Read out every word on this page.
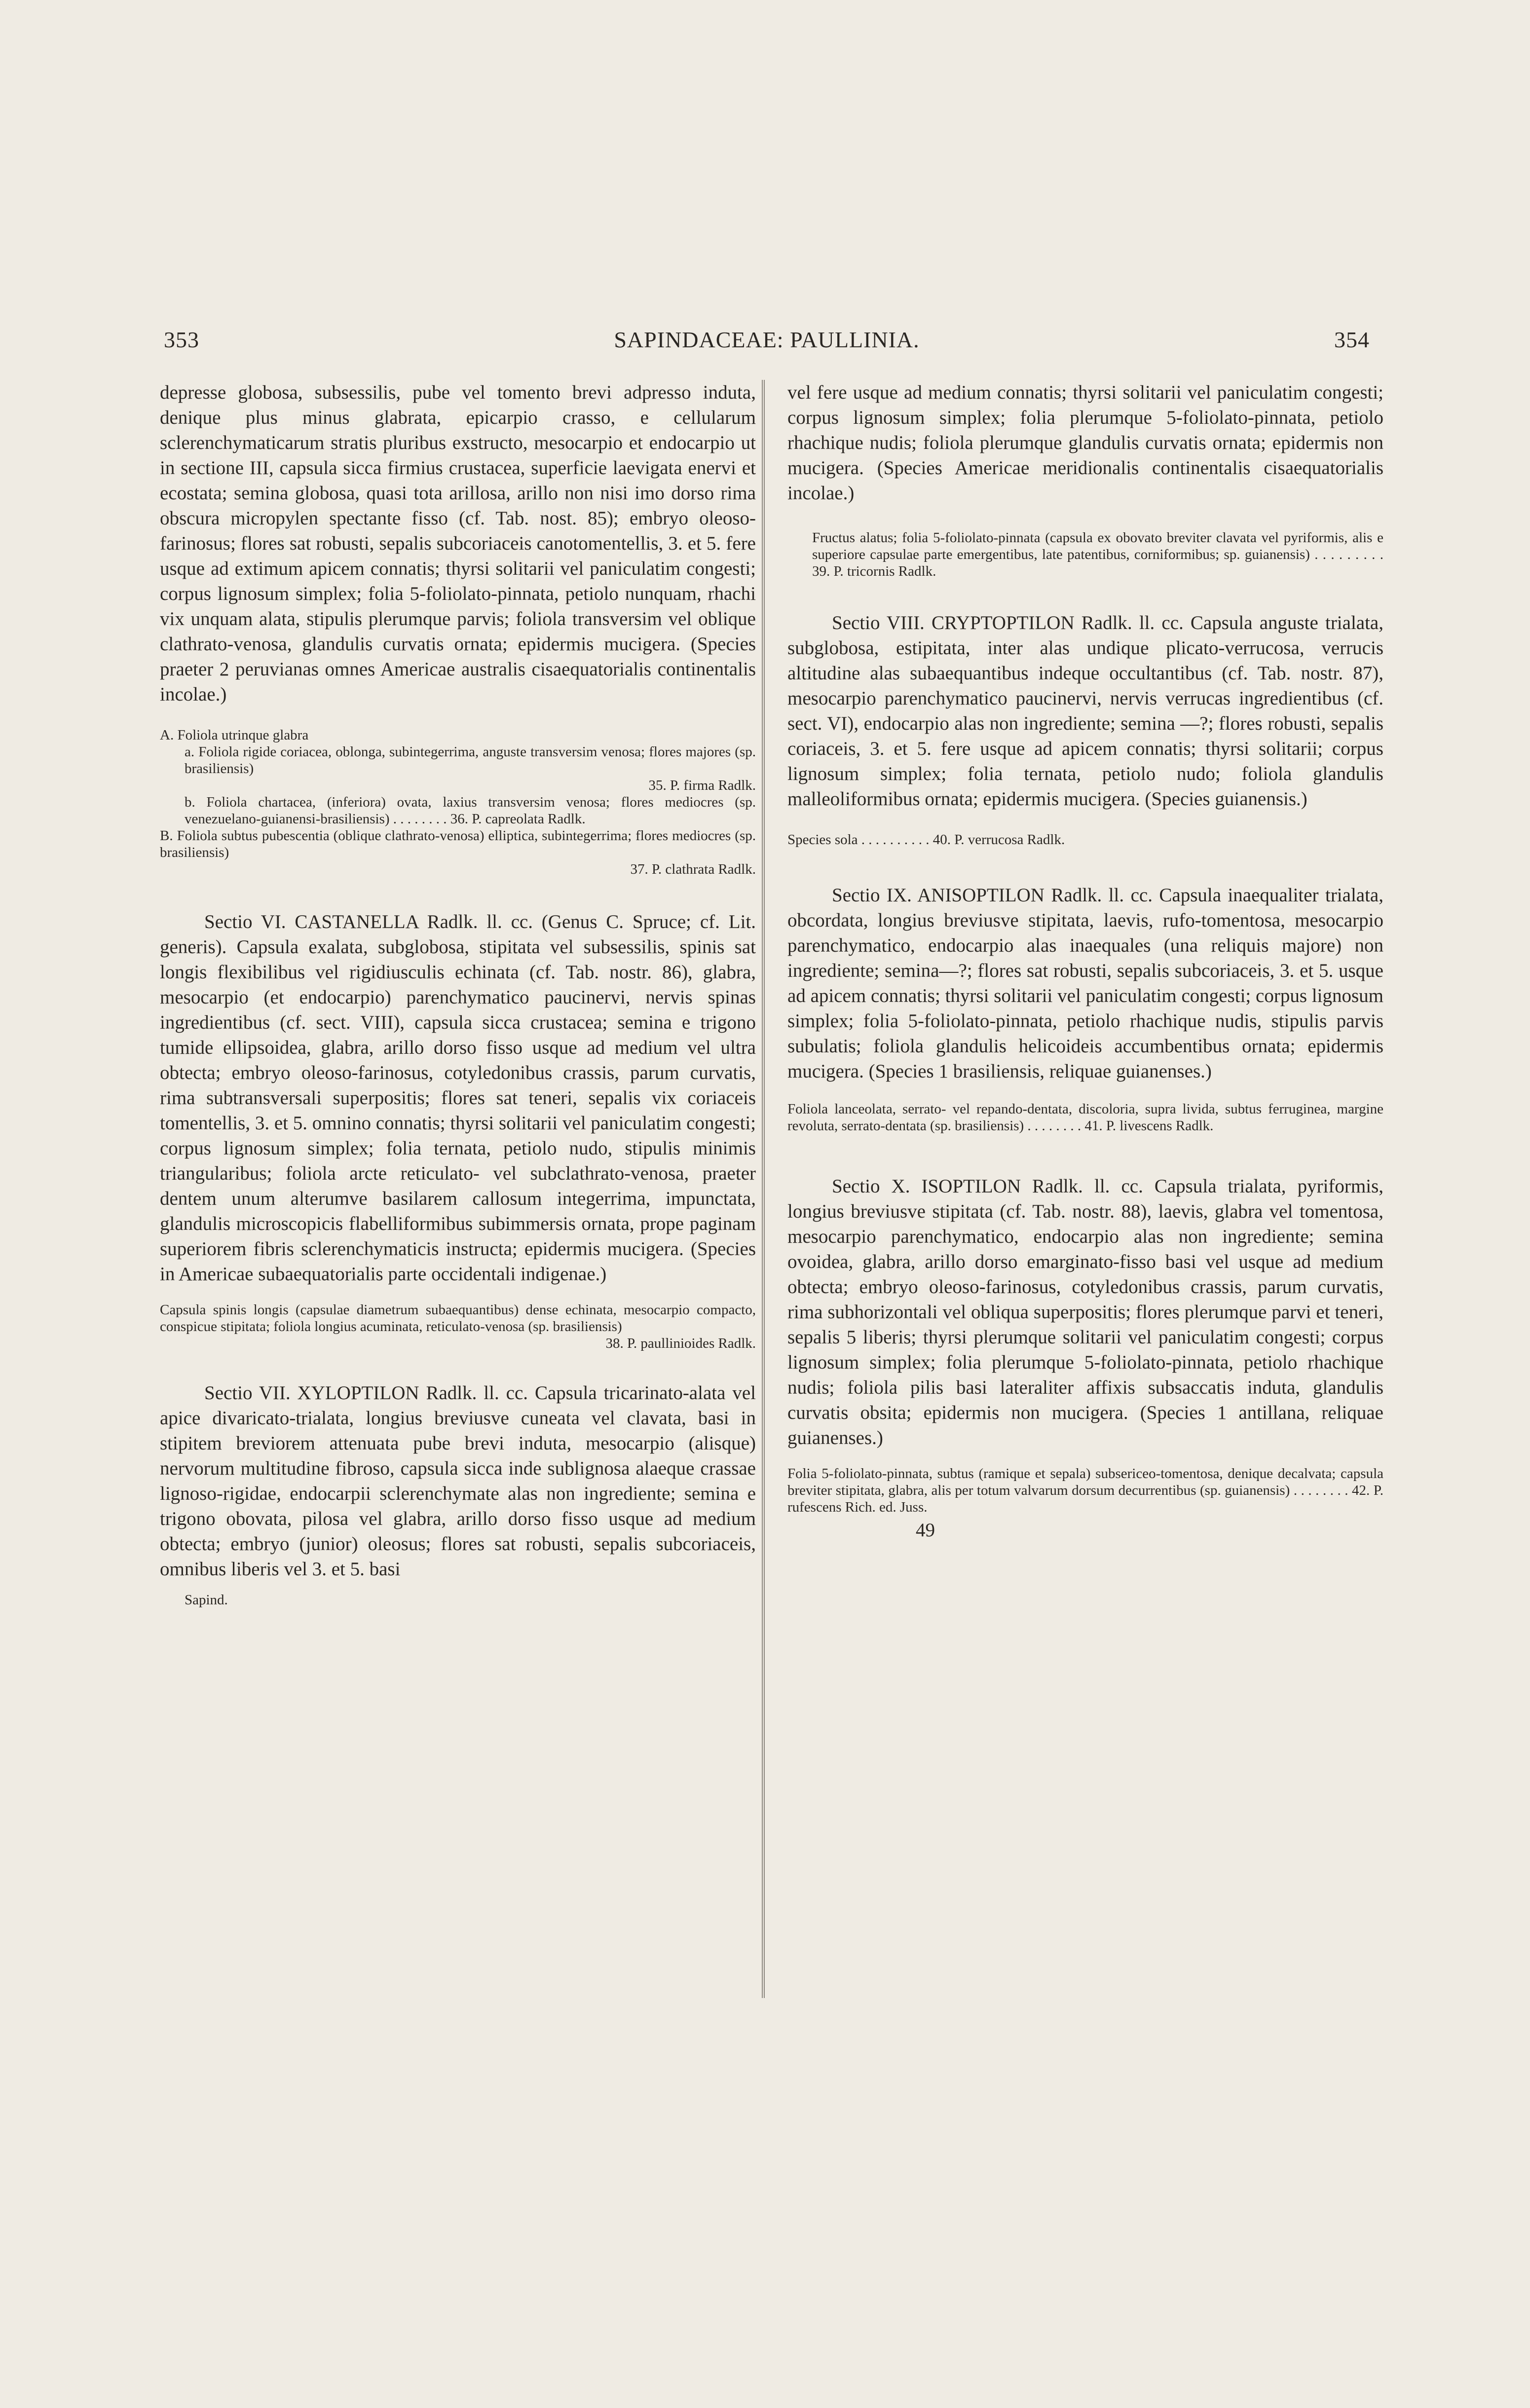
353	SAPINDACEAE: PAULLINIA.	354

depresse globosa, subsessilis, pube vel tomento brevi adpresso induta, denique plus minus glabrata, epicarpio crasso, e cellularum sclerenchymaticarum stratis pluribus exstructo, mesocarpio et endocarpio ut in sectione III, capsula sicca firmius crustacea, superficie laevigata enervi et ecostata; semina globosa, quasi tota arillosa, arillo non nisi imo dorso rima obscura micropylen spectante fisso (cf. Tab. nost. 85); embryo oleoso-farinosus; flores sat robusti, sepalis subcoriaceis canotomentellis, 3. et 5. fere usque ad extimum apicem connatis; thyrsi solitarii vel paniculatim congesti; corpus lignosum simplex; folia 5-foliolato-pinnata, petiolo nunquam, rhachi vix unquam alata, stipulis plerumque parvis; foliola transversim vel oblique clathrato-venosa, glandulis curvatis ornata; epidermis mucigera. (Species praeter 2 peruvianas omnes Americae australis cisaequatorialis continentalis incolae.)

A. Foliola utrinque glabra

a. Foliola rigide coriacea, oblonga, subintegerrima, anguste transversim venosa; flores majores (sp. brasiliensis)

35. P. firma Radlk.

b. Foliola chartacea, (inferiora) ovata, laxius transversim venosa; flores mediocres (sp. venezuelano-guianensi-brasiliensis) . . . . . . . . 36. P. capreolata Radlk.

B. Foliola subtus pubescentia (oblique clathrato-venosa) elliptica, subintegerrima; flores mediocres (sp. brasiliensis)

37. P. clathrata Radlk.

Sectio VI. CASTANELLA Radlk. ll. cc. (Genus C. Spruce; cf. Lit. generis). Capsula exalata, subglobosa, stipitata vel subsessilis, spinis sat longis flexibilibus vel rigidiusculis echinata (cf. Tab. nostr. 86), glabra, mesocarpio (et endocarpio) parenchymatico paucinervi, nervis spinas ingredientibus (cf. sect. VIII), capsula sicca crustacea; semina e trigono tumide ellipsoidea, glabra, arillo dorso fisso usque ad medium vel ultra obtecta; embryo oleoso-farinosus, cotyledonibus crassis, parum curvatis, rima subtransversali superpositis; flores sat teneri, sepalis vix coriaceis tomentellis, 3. et 5. omnino connatis; thyrsi solitarii vel paniculatim congesti; corpus lignosum simplex; folia ternata, petiolo nudo, stipulis minimis triangularibus; foliola arcte reticulato- vel subclathrato-venosa, praeter dentem unum alterumve basilarem callosum integerrima, impunctata, glandulis microscopicis flabelliformibus subimmersis ornata, prope paginam superiorem fibris sclerenchymaticis instructa; epidermis mucigera. (Species in Americae subaequatorialis parte occidentali indigenae.)

Capsula spinis longis (capsulae diametrum subaequantibus) dense echinata, mesocarpio compacto, conspicue stipitata; foliola longius acuminata, reticulato-venosa (sp. brasiliensis)

38. P. paullinioides Radlk.

Sectio VII. XYLOPTILON Radlk. ll. cc. Capsula tricarinato-alata vel apice divaricato-trialata, longius breviusve cuneata vel clavata, basi in stipitem breviorem attenuata pube brevi induta, mesocarpio (alisque) nervorum multitudine fibroso, capsula sicca inde sublignosa alaeque crassae lignoso-rigidae, endocarpii sclerenchymate alas non ingrediente; semina e trigono obovata, pilosa vel glabra, arillo dorso fisso usque ad medium obtecta; embryo (junior) oleosus; flores sat robusti, sepalis subcoriaceis, omnibus liberis vel 3. et 5. basi

Sapind.

vel fere usque ad medium connatis; thyrsi solitarii vel paniculatim congesti; corpus lignosum simplex; folia plerumque 5-foliolato-pinnata, petiolo rhachique nudis; foliola plerumque glandulis curvatis ornata; epidermis non mucigera. (Species Americae meridionalis continentalis cisaequatorialis incolae.)

Fructus alatus; folia 5-foliolato-pinnata (capsula ex obovato breviter clavata vel pyriformis, alis e superiore capsulae parte emergentibus, late patentibus, corniformibus; sp. guianensis) . . . . . . . . . 39. P. tricornis Radlk.

Sectio VIII. CRYPTOPTILON Radlk. ll. cc. Capsula anguste trialata, subglobosa, estipitata, inter alas undique plicato-verrucosa, verrucis altitudine alas subaequantibus indeque occultantibus (cf. Tab. nostr. 87), mesocarpio parenchymatico paucinervi, nervis verrucas ingredientibus (cf. sect. VI), endocarpio alas non ingrediente; semina —?; flores robusti, sepalis coriaceis, 3. et 5. fere usque ad apicem connatis; thyrsi solitarii; corpus lignosum simplex; folia ternata, petiolo nudo; foliola glandulis malleoliformibus ornata; epidermis mucigera. (Species guianensis.)

Species sola . . . . . . . . . . 40. P. verrucosa Radlk.

Sectio IX. ANISOPTILON Radlk. ll. cc. Capsula inaequaliter trialata, obcordata, longius breviusve stipitata, laevis, rufo-tomentosa, mesocarpio parenchymatico, endocarpio alas inaequales (una reliquis majore) non ingrediente; semina—?; flores sat robusti, sepalis subcoriaceis, 3. et 5. usque ad apicem connatis; thyrsi solitarii vel paniculatim congesti; corpus lignosum simplex; folia 5-foliolato-pinnata, petiolo rhachique nudis, stipulis parvis subulatis; foliola glandulis helicoideis accumbentibus ornata; epidermis mucigera. (Species 1 brasiliensis, reliquae guianenses.)

Foliola lanceolata, serrato- vel repando-dentata, discoloria, supra livida, subtus ferruginea, margine revoluta, serrato-dentata (sp. brasiliensis) . . . . . . . . 41. P. livescens Radlk.

Sectio X. ISOPTILON Radlk. ll. cc. Capsula trialata, pyriformis, longius breviusve stipitata (cf. Tab. nostr. 88), laevis, glabra vel tomentosa, mesocarpio parenchymatico, endocarpio alas non ingrediente; semina ovoidea, glabra, arillo dorso emarginato-fisso basi vel usque ad medium obtecta; embryo oleoso-farinosus, cotyledonibus crassis, parum curvatis, rima subhorizontali vel obliqua superpositis; flores plerumque parvi et teneri, sepalis 5 liberis; thyrsi plerumque solitarii vel paniculatim congesti; corpus lignosum simplex; folia plerumque 5-foliolato-pinnata, petiolo rhachique nudis; foliola pilis basi lateraliter affixis subsaccatis induta, glandulis curvatis obsita; epidermis non mucigera. (Species 1 antillana, reliquae guianenses.)

Folia 5-foliolato-pinnata, subtus (ramique et sepala) subsericeo-tomentosa, denique decalvata; capsula breviter stipitata, glabra, alis per totum valvarum dorsum decurrentibus (sp. guianensis) . . . . . . . . 42. P. rufescens Rich. ed. Juss.

49
